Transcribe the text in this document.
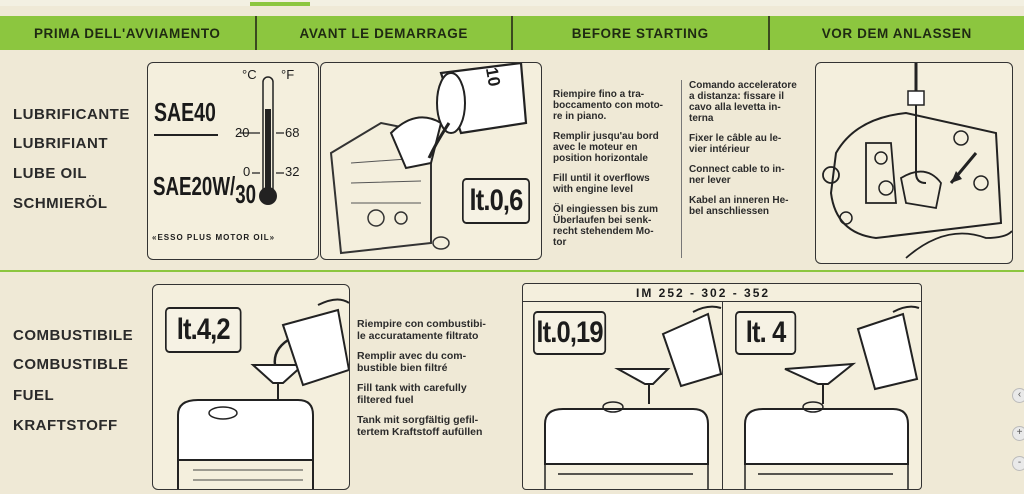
PRIMA DELL'AVVIAMENTO	AVANT LE DEMARRAGE	BEFORE STARTING	VOR DEM ANLASSEN
LUBRIFICANTE
LUBRIFIANT
LUBE OIL
SCHMIERÖL
SAE40
°C °F
20	68
0	32
SAE20W/30
«ESSO PLUS MOTOR OIL»
10
lt.0,6

Riempire fino a tra-
boccamento con moto-
re in piano.

Remplir jusqu'au bord
avec le moteur en
position horizontale

Fill until it overflows
with engine level

Öl eingiessen bis zum
Überlaufen bei senk-
recht stehendem Mo-
tor

Comando acceleratore
a distanza: fissare il
cavo alla levetta in-
terna

Fixer le câble au le-
vier intérieur

Connect cable to in-
ner lever

Kabel an inneren He-
bel anschliessen

COMBUSTIBILE
COMBUSTIBLE
FUEL
KRAFTSTOFF
lt.4,2	Riempire con combustibi-
le accuratamente filtrato

Remplir avec du com-
bustible bien filtré

Fill tank with carefully
filtered fuel

Tank mit sorgfältig gefil-
tertem Kraftstoff aufüllen

lt.0,19	lt. 4
IM 252 - 302 - 352
‹
+
-
